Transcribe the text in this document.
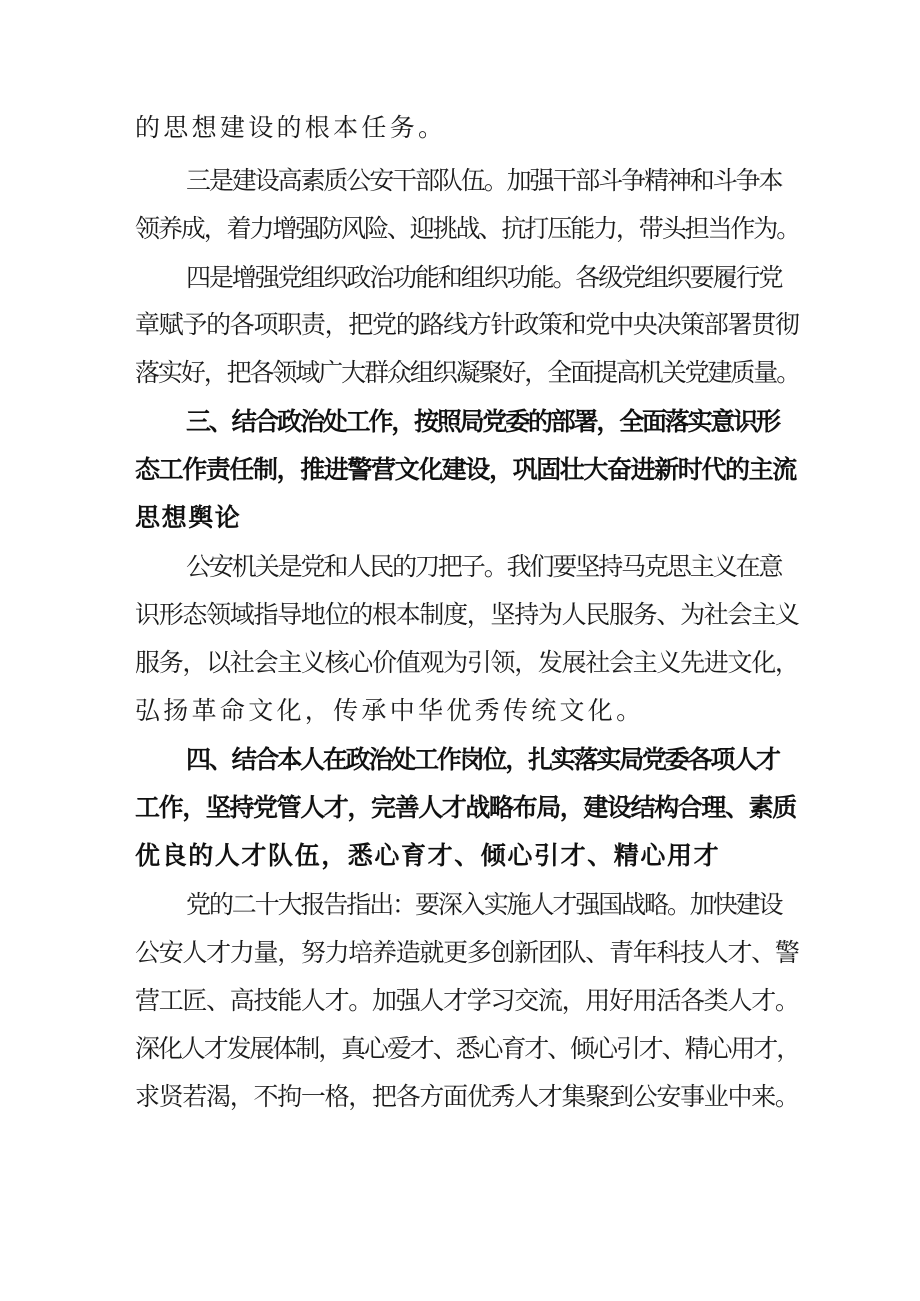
的思想建设的根本任务。
三是建设高素质公安干部队伍。加强干部斗争精神和斗争本
领养成，着力增强防风险、迎挑战、抗打压能力，带头担当作为。
四是增强党组织政治功能和组织功能。各级党组织要履行党
章赋予的各项职责，把党的路线方针政策和党中央决策部署贯彻
落实好，把各领域广大群众组织凝聚好，全面提高机关党建质量。
三、结合政治处工作，按照局党委的部署，全面落实意识形
态工作责任制，推进警营文化建设，巩固壮大奋进新时代的主流
思想舆论
公安机关是党和人民的刀把子。我们要坚持马克思主义在意
识形态领域指导地位的根本制度，坚持为人民服务、为社会主义
服务，以社会主义核心价值观为引领，发展社会主义先进文化，
弘扬革命文化，传承中华优秀传统文化。
四、结合本人在政治处工作岗位，扎实落实局党委各项人才
工作，坚持党管人才，完善人才战略布局，建设结构合理、素质
优良的人才队伍，悉心育才、倾心引才、精心用才
党的二十大报告指出：要深入实施人才强国战略。加快建设
公安人才力量，努力培养造就更多创新团队、青年科技人才、警
营工匠、高技能人才。加强人才学习交流，用好用活各类人才。
深化人才发展体制，真心爱才、悉心育才、倾心引才、精心用才，
求贤若渴，不拘一格，把各方面优秀人才集聚到公安事业中来。
